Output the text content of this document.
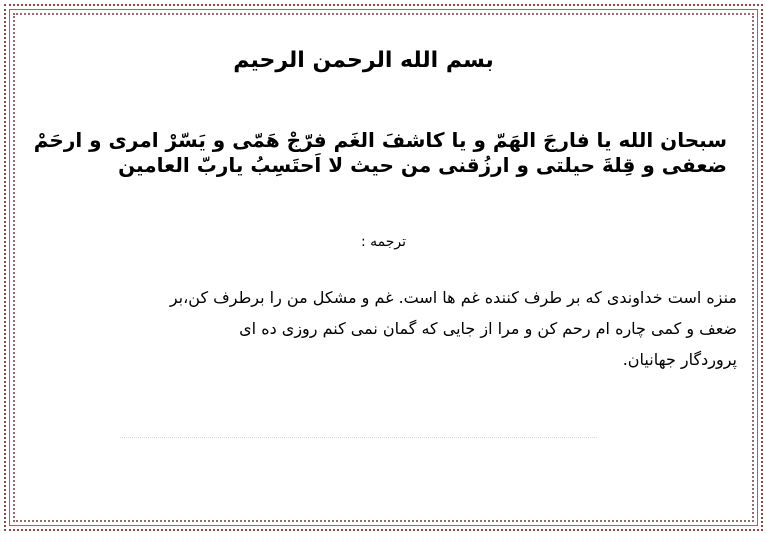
بسم الله الرحمن الرحیم

سبحان الله یا فارجَ الهَمّ و یا کاشفَ الغَم فرّجْ هَمّی و یَسّرْ امری و ارحَمْ
ضعفی و قِلةَ حیلتی و ارزُقنی من حیث لا اَحتَسِبُ یاربّ العامین

ترجمه :

منزه است خداوندی که بر طرف کننده غم ها است. غم و مشکل من را برطرف کن،بر
ضعف و کمی چاره ام رحم کن و مرا از جایی که گمان نمی کنم روزی ده ای
پروردگار جهانیان.
